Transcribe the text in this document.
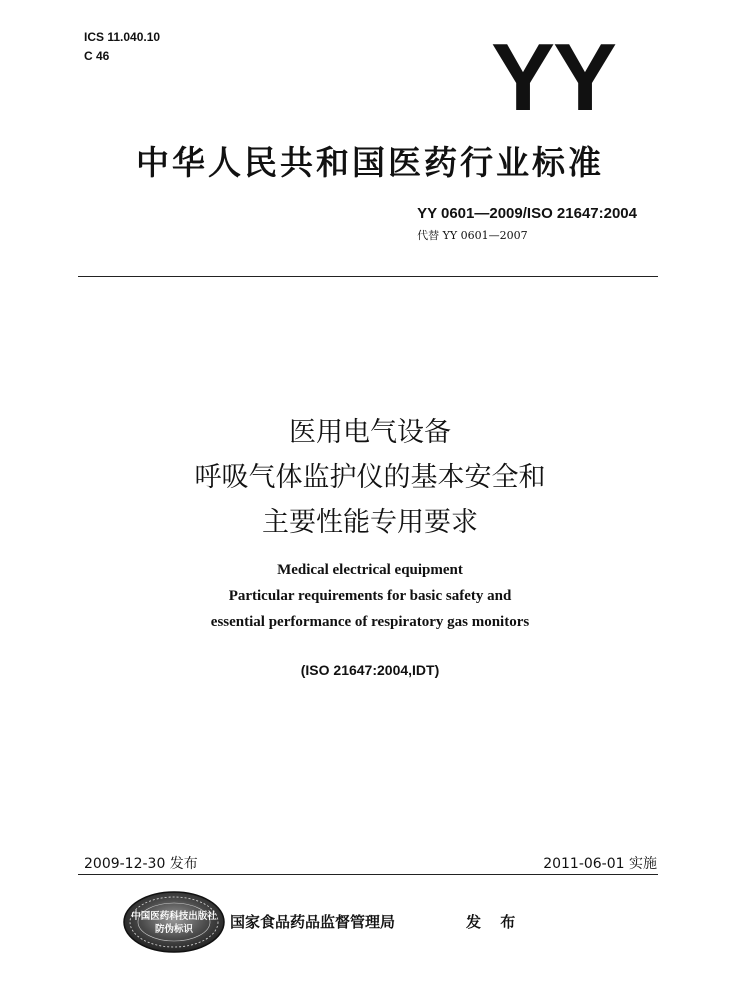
ICS 11.040.10
C 46	YY
中华人民共和国医药行业标准
YY 0601—2009/ISO 21647:2004
代替 YY 0601—2007
医用电气设备
呼吸气体监护仪的基本安全和
主要性能专用要求
Medical electrical equipment
Particular requirements for basic safety and
essential performance of respiratory gas monitors
(ISO 21647:2004,IDT)
2009-12-30 发布	2011-06-01 实施
中国医药科技出版社
防伪标识 国家食品药品监督管理局	发 布
